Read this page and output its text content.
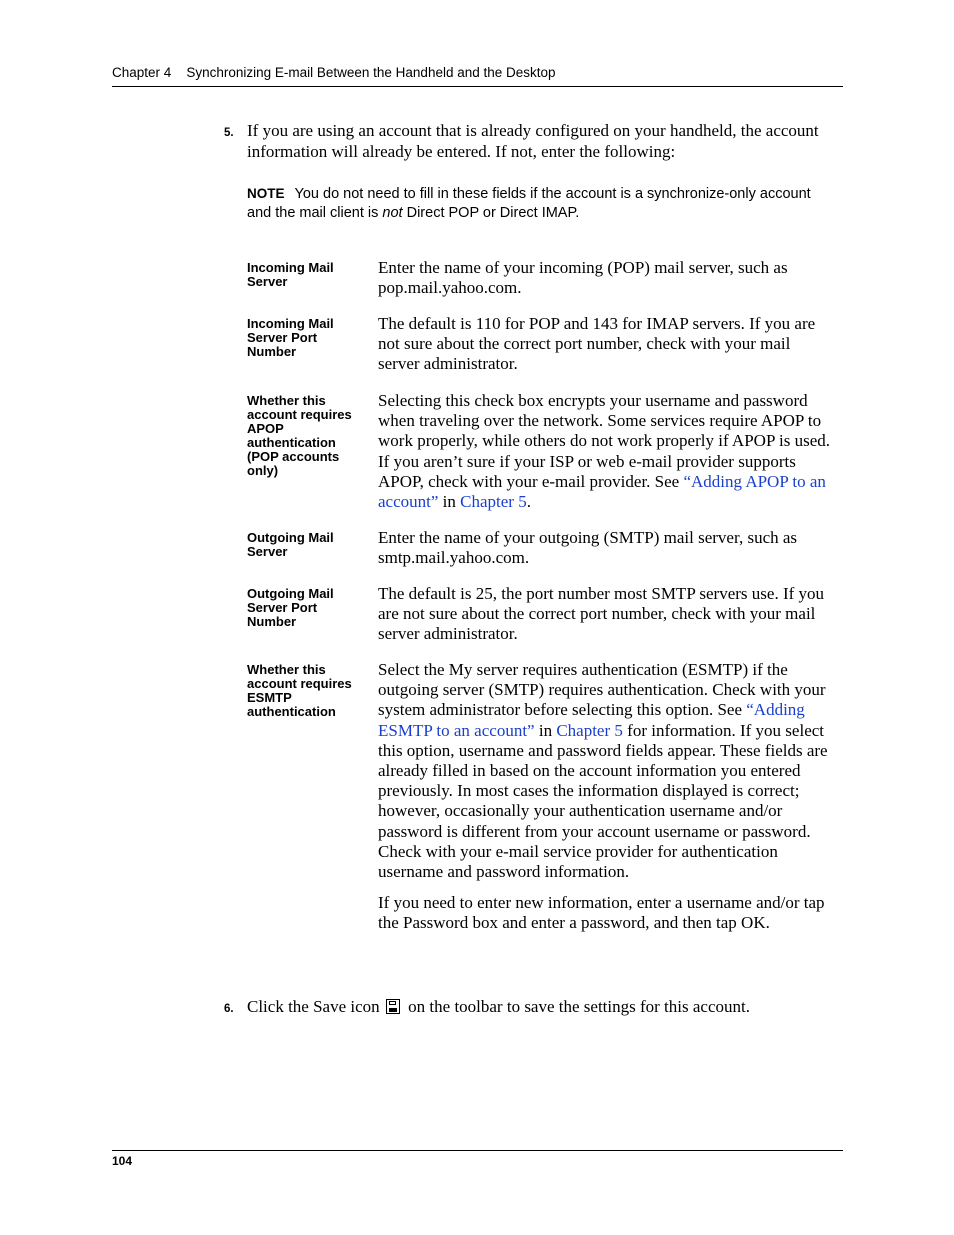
Chapter 4 Synchronizing E-mail Between the Handheld and the Desktop
5. If you are using an account that is already configured on your handheld, the account information will already be entered. If not, enter the following:
NOTE You do not need to fill in these fields if the account is a synchronize-only account and the mail client is not Direct POP or Direct IMAP.
Incoming Mail Server

Enter the name of your incoming (POP) mail server, such as pop.mail.yahoo.com.

Incoming Mail Server Port Number

The default is 110 for POP and 143 for IMAP servers. If you are not sure about the correct port number, check with your mail server administrator.

Whether this account requires APOP authentication (POP accounts only)

Selecting this check box encrypts your username and password when traveling over the network. Some services require APOP to work properly, while others do not work properly if APOP is used. If you aren’t sure if your ISP or web e-mail provider supports APOP, check with your e-mail provider. See “Adding APOP to an account” in Chapter 5.

Outgoing Mail Server

Enter the name of your outgoing (SMTP) mail server, such as smtp.mail.yahoo.com.

Outgoing Mail Server Port Number

The default is 25, the port number most SMTP servers use. If you are not sure about the correct port number, check with your mail server administrator.

Whether this account requires ESMTP authentication

Select the My server requires authentication (ESMTP) if the outgoing server (SMTP) requires authentication. Check with your system administrator before selecting this option. See “Adding ESMTP to an account” in Chapter 5 for information. If you select this option, username and password fields appear. These fields are already filled in based on the account information you entered previously. In most cases the information displayed is correct; however, occasionally your authentication username and/or password is different from your account username or password. Check with your e-mail service provider for authentication username and password information.

If you need to enter new information, enter a username and/or tap the Password box and enter a password, and then tap OK.

6. Click the Save icon on the toolbar to save the settings for this account.
104
